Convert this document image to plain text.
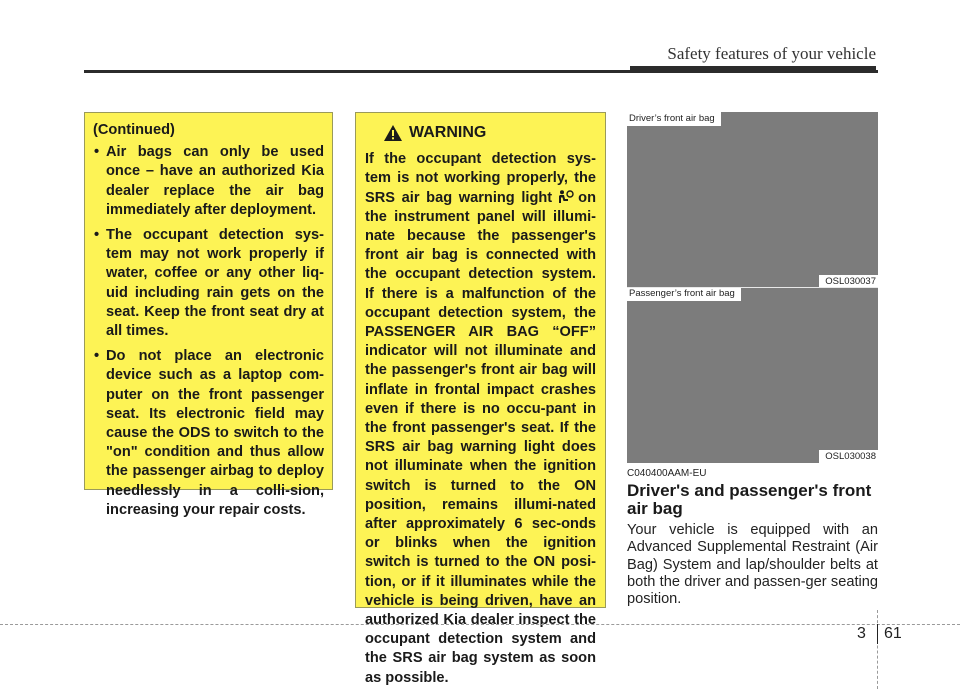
Safety features of your vehicle
(Continued)
• Air bags can only be used once – have an authorized Kia dealer replace the air bag immediately after deployment.
• The occupant detection sys-tem may not work properly if water, coffee or any other liq-uid including rain gets on the seat. Keep the front seat dry at all times.
• Do not place an electronic device such as a laptop com-puter on the front passenger seat. Its electronic field may cause the ODS to switch to the "on" condition and thus allow the passenger airbag to deploy needlessly in a colli-sion, increasing your repair costs.
WARNING
If the occupant detection sys-tem is not working properly, the SRS air bag warning light on the instrument panel will illumi-nate because the passenger's front air bag is connected with the occupant detection system. If there is a malfunction of the occupant detection system, the PASSENGER AIR BAG “OFF” indicator will not illuminate and the passenger's front air bag will inflate in frontal impact crashes even if there is no occu-pant in the front passenger's seat. If the SRS air bag warning light does not illuminate when the ignition switch is turned to the ON position, remains illumi-nated after approximately 6 sec-onds or blinks when the ignition switch is turned to the ON posi-tion, or if it illuminates while the vehicle is being driven, have an authorized Kia dealer inspect the occupant detection system and the SRS air bag system as soon as possible.
Driver’s front air bag
OSL030037
Passenger’s front air bag
OSL030038
C040400AAM-EU
Driver's and passenger's front air bag
Your vehicle is equipped with an Advanced Supplemental Restraint (Air Bag) System and lap/shoulder belts at both the driver and passen-ger seating position.
3 61
